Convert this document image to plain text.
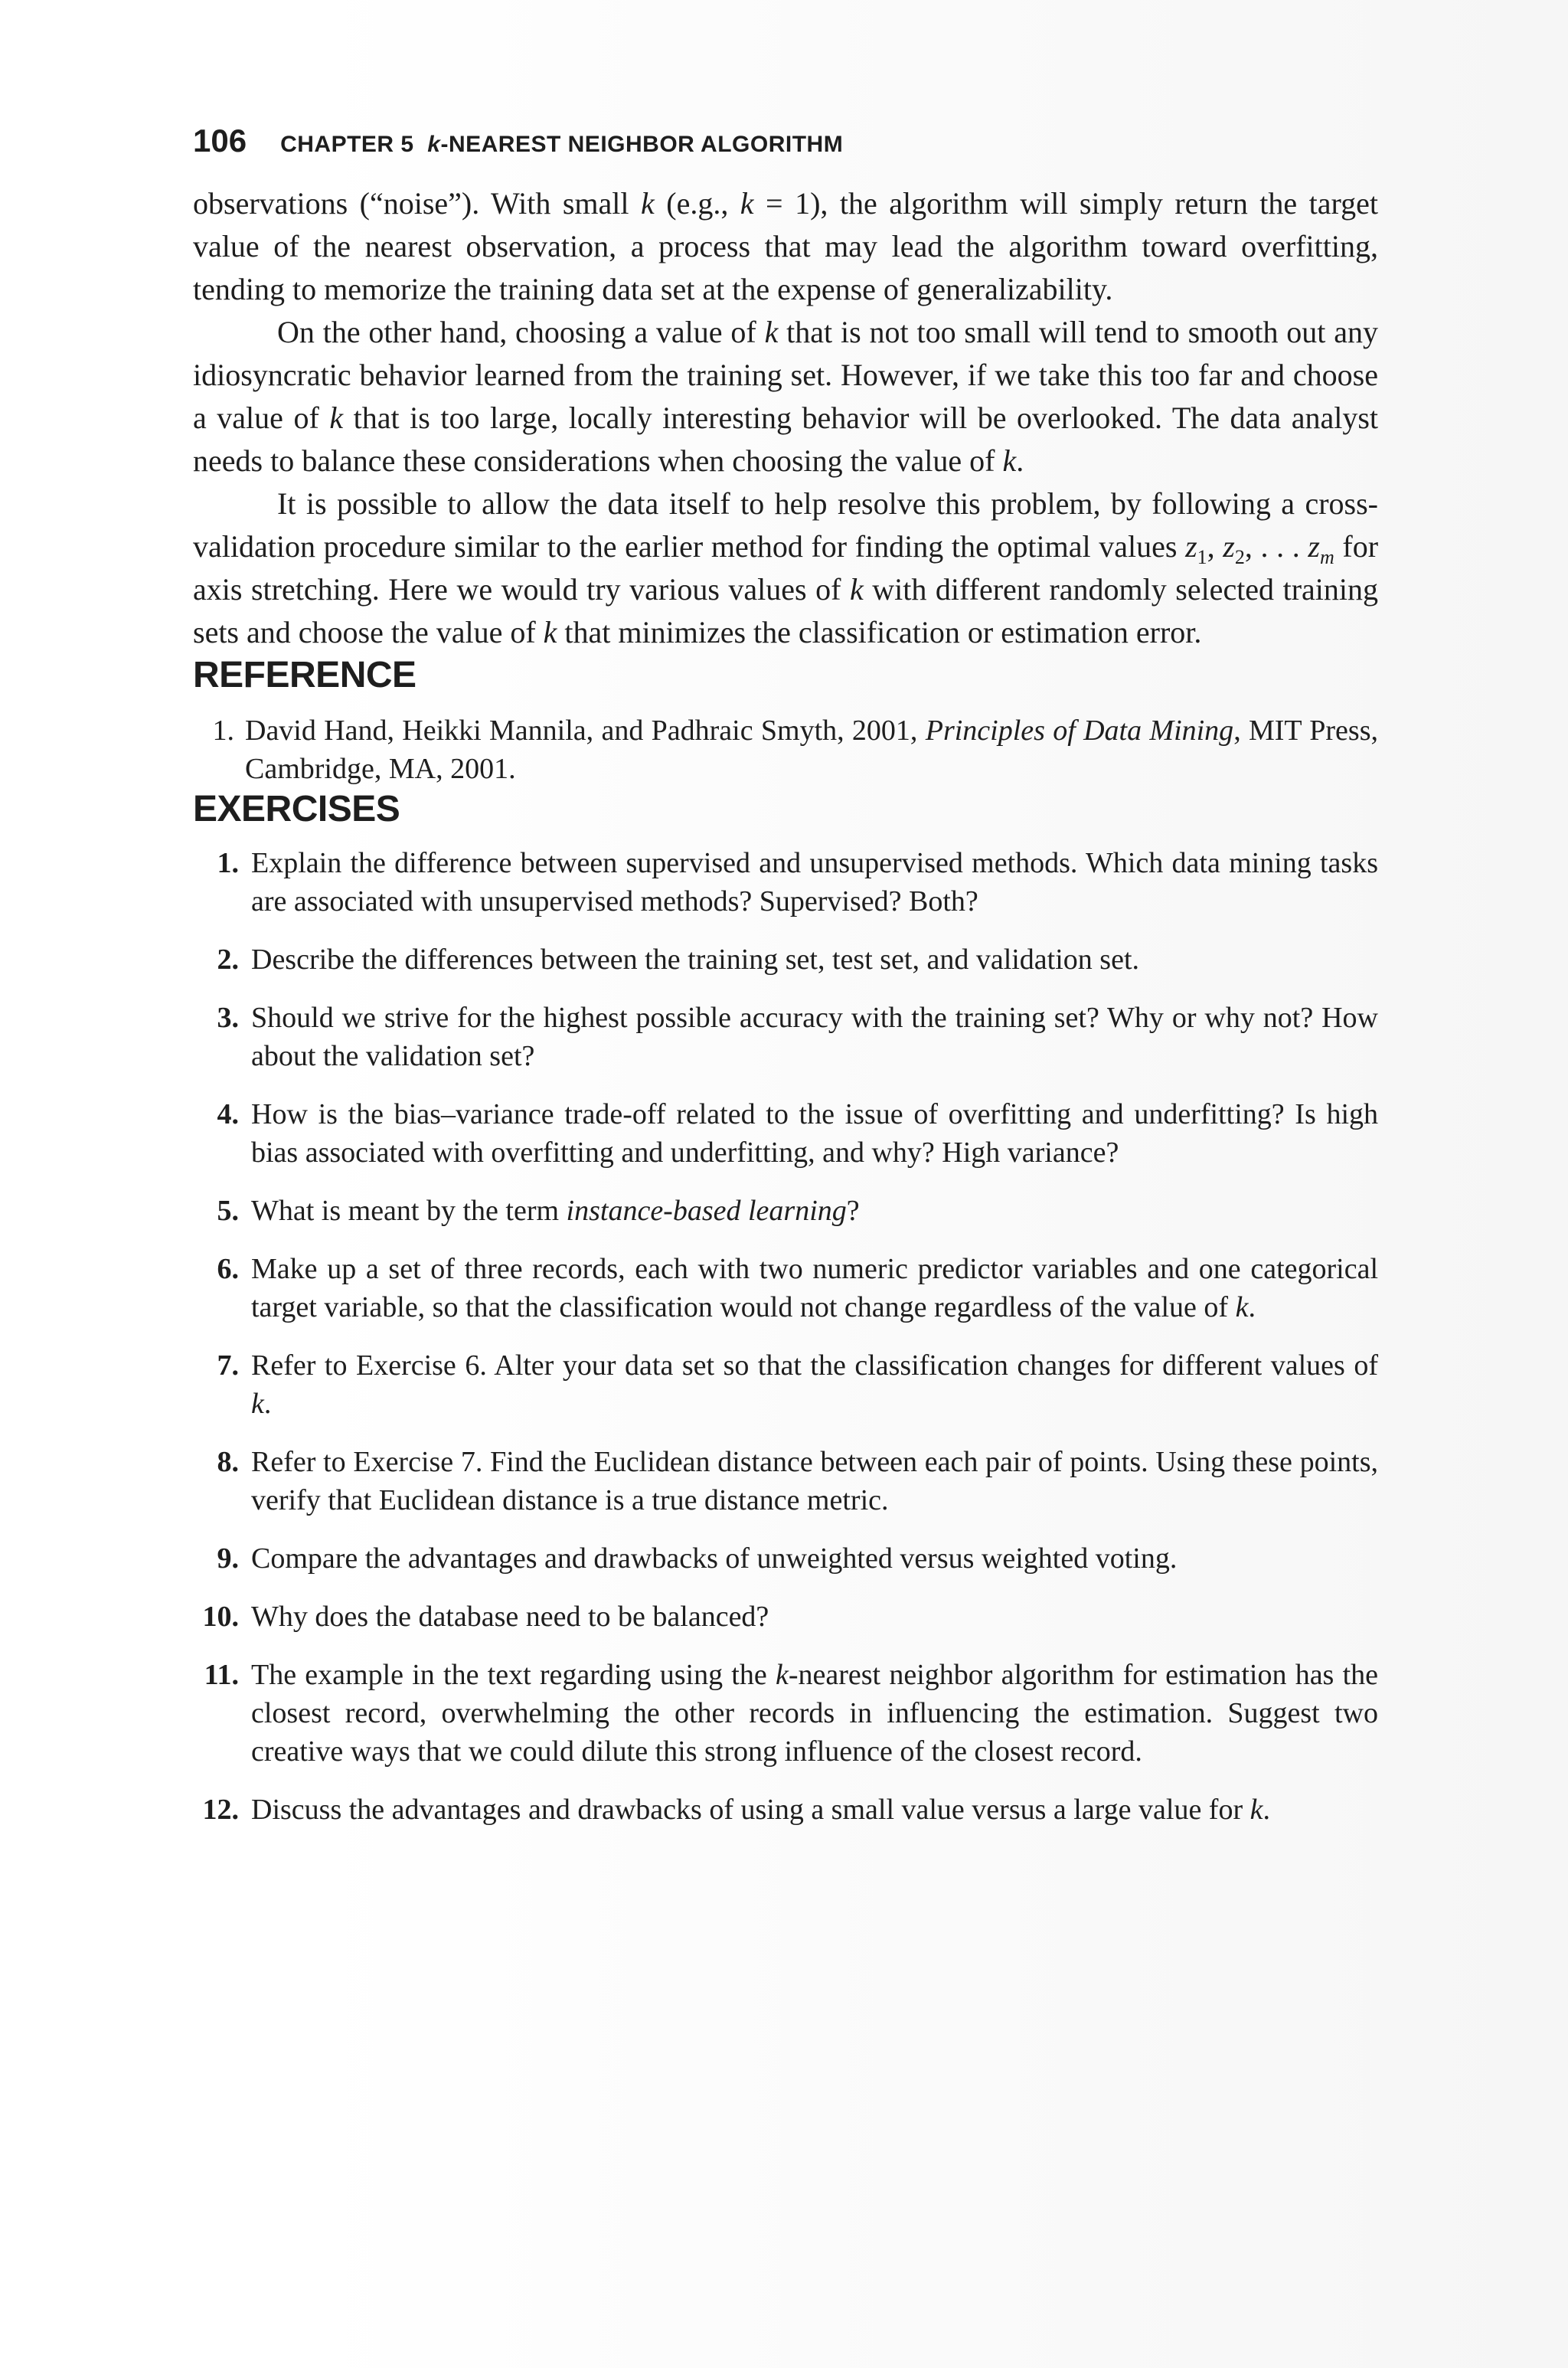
106 CHAPTER 5 k-NEAREST NEIGHBOR ALGORITHM

observations (“noise”). With small k (e.g., k = 1), the algorithm will simply return the target value of the nearest observation, a process that may lead the algorithm toward overfitting, tending to memorize the training data set at the expense of generalizability.

On the other hand, choosing a value of k that is not too small will tend to smooth out any idiosyncratic behavior learned from the training set. However, if we take this too far and choose a value of k that is too large, locally interesting behavior will be overlooked. The data analyst needs to balance these considerations when choosing the value of k.

It is possible to allow the data itself to help resolve this problem, by following a cross-validation procedure similar to the earlier method for finding the optimal values $z_1$, $z_2$, . . . $z_m$ for axis stretching. Here we would try various values of k with different randomly selected training sets and choose the value of k that minimizes the classification or estimation error.

REFERENCE
1. David Hand, Heikki Mannila, and Padhraic Smyth, 2001, Principles of Data Mining, MIT Press, Cambridge, MA, 2001.
EXERCISES
1. Explain the difference between supervised and unsupervised methods. Which data mining tasks are associated with unsupervised methods? Supervised? Both?
2. Describe the differences between the training set, test set, and validation set.
3. Should we strive for the highest possible accuracy with the training set? Why or why not? How about the validation set?
4. How is the bias–variance trade-off related to the issue of overfitting and underfitting? Is high bias associated with overfitting and underfitting, and why? High variance?
5. What is meant by the term instance-based learning?
6. Make up a set of three records, each with two numeric predictor variables and one categorical target variable, so that the classification would not change regardless of the value of k.
7. Refer to Exercise 6. Alter your data set so that the classification changes for different values of k.
8. Refer to Exercise 7. Find the Euclidean distance between each pair of points. Using these points, verify that Euclidean distance is a true distance metric.
9. Compare the advantages and drawbacks of unweighted versus weighted voting.
10. Why does the database need to be balanced?
11. The example in the text regarding using the k-nearest neighbor algorithm for estimation has the closest record, overwhelming the other records in influencing the estimation. Suggest two creative ways that we could dilute this strong influence of the closest record.
12. Discuss the advantages and drawbacks of using a small value versus a large value for k.
